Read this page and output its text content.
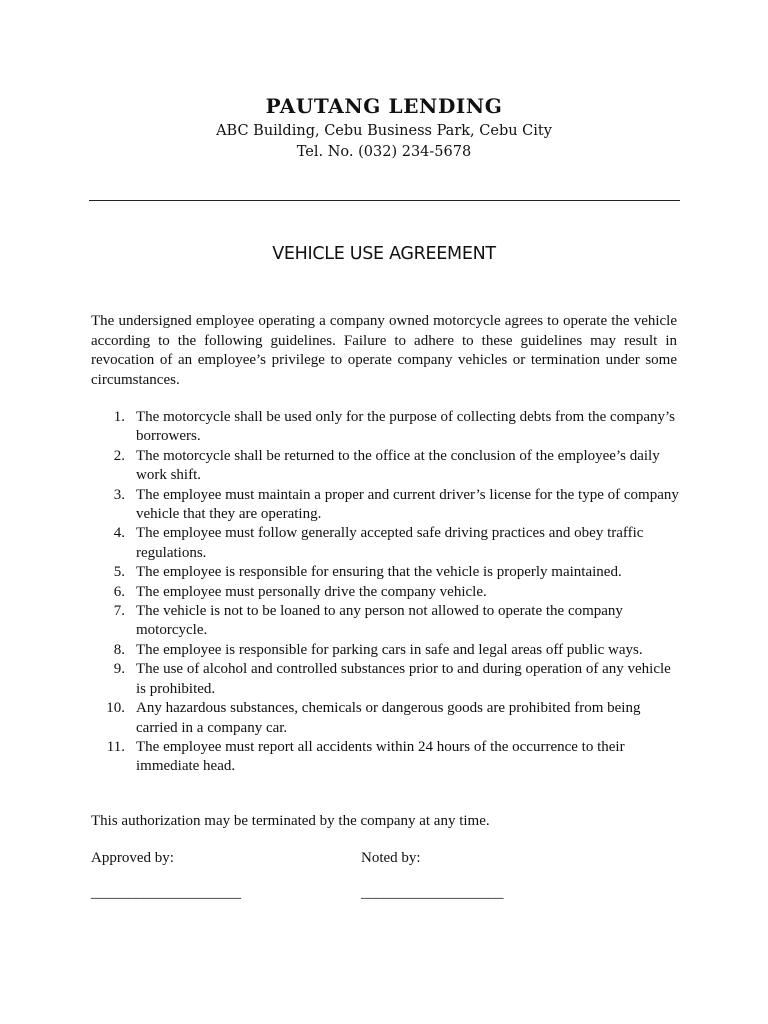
PAUTANG LENDING
ABC Building, Cebu Business Park, Cebu City
Tel. No. (032) 234-5678
VEHICLE USE AGREEMENT
The undersigned employee operating a company owned motorcycle agrees to operate the vehicle according to the following guidelines. Failure to adhere to these guidelines may result in revocation of an employee’s privilege to operate company vehicles or termination under some circumstances.
1. The motorcycle shall be used only for the purpose of collecting debts from the company’s borrowers.
2. The motorcycle shall be returned to the office at the conclusion of the employee’s daily work shift.
3. The employee must maintain a proper and current driver’s license for the type of company vehicle that they are operating.
4. The employee must follow generally accepted safe driving practices and obey traffic regulations.
5. The employee is responsible for ensuring that the vehicle is properly maintained.
6. The employee must personally drive the company vehicle.
7. The vehicle is not to be loaned to any person not allowed to operate the company motorcycle.
8. The employee is responsible for parking cars in safe and legal areas off public ways.
9. The use of alcohol and controlled substances prior to and during operation of any vehicle is prohibited.
10. Any hazardous substances, chemicals or dangerous goods are prohibited from being carried in a company car.
11. The employee must report all accidents within 24 hours of the occurrence to their immediate head.
This authorization may be terminated by the company at any time.
Approved by:	Noted by:
____________________	___________________
